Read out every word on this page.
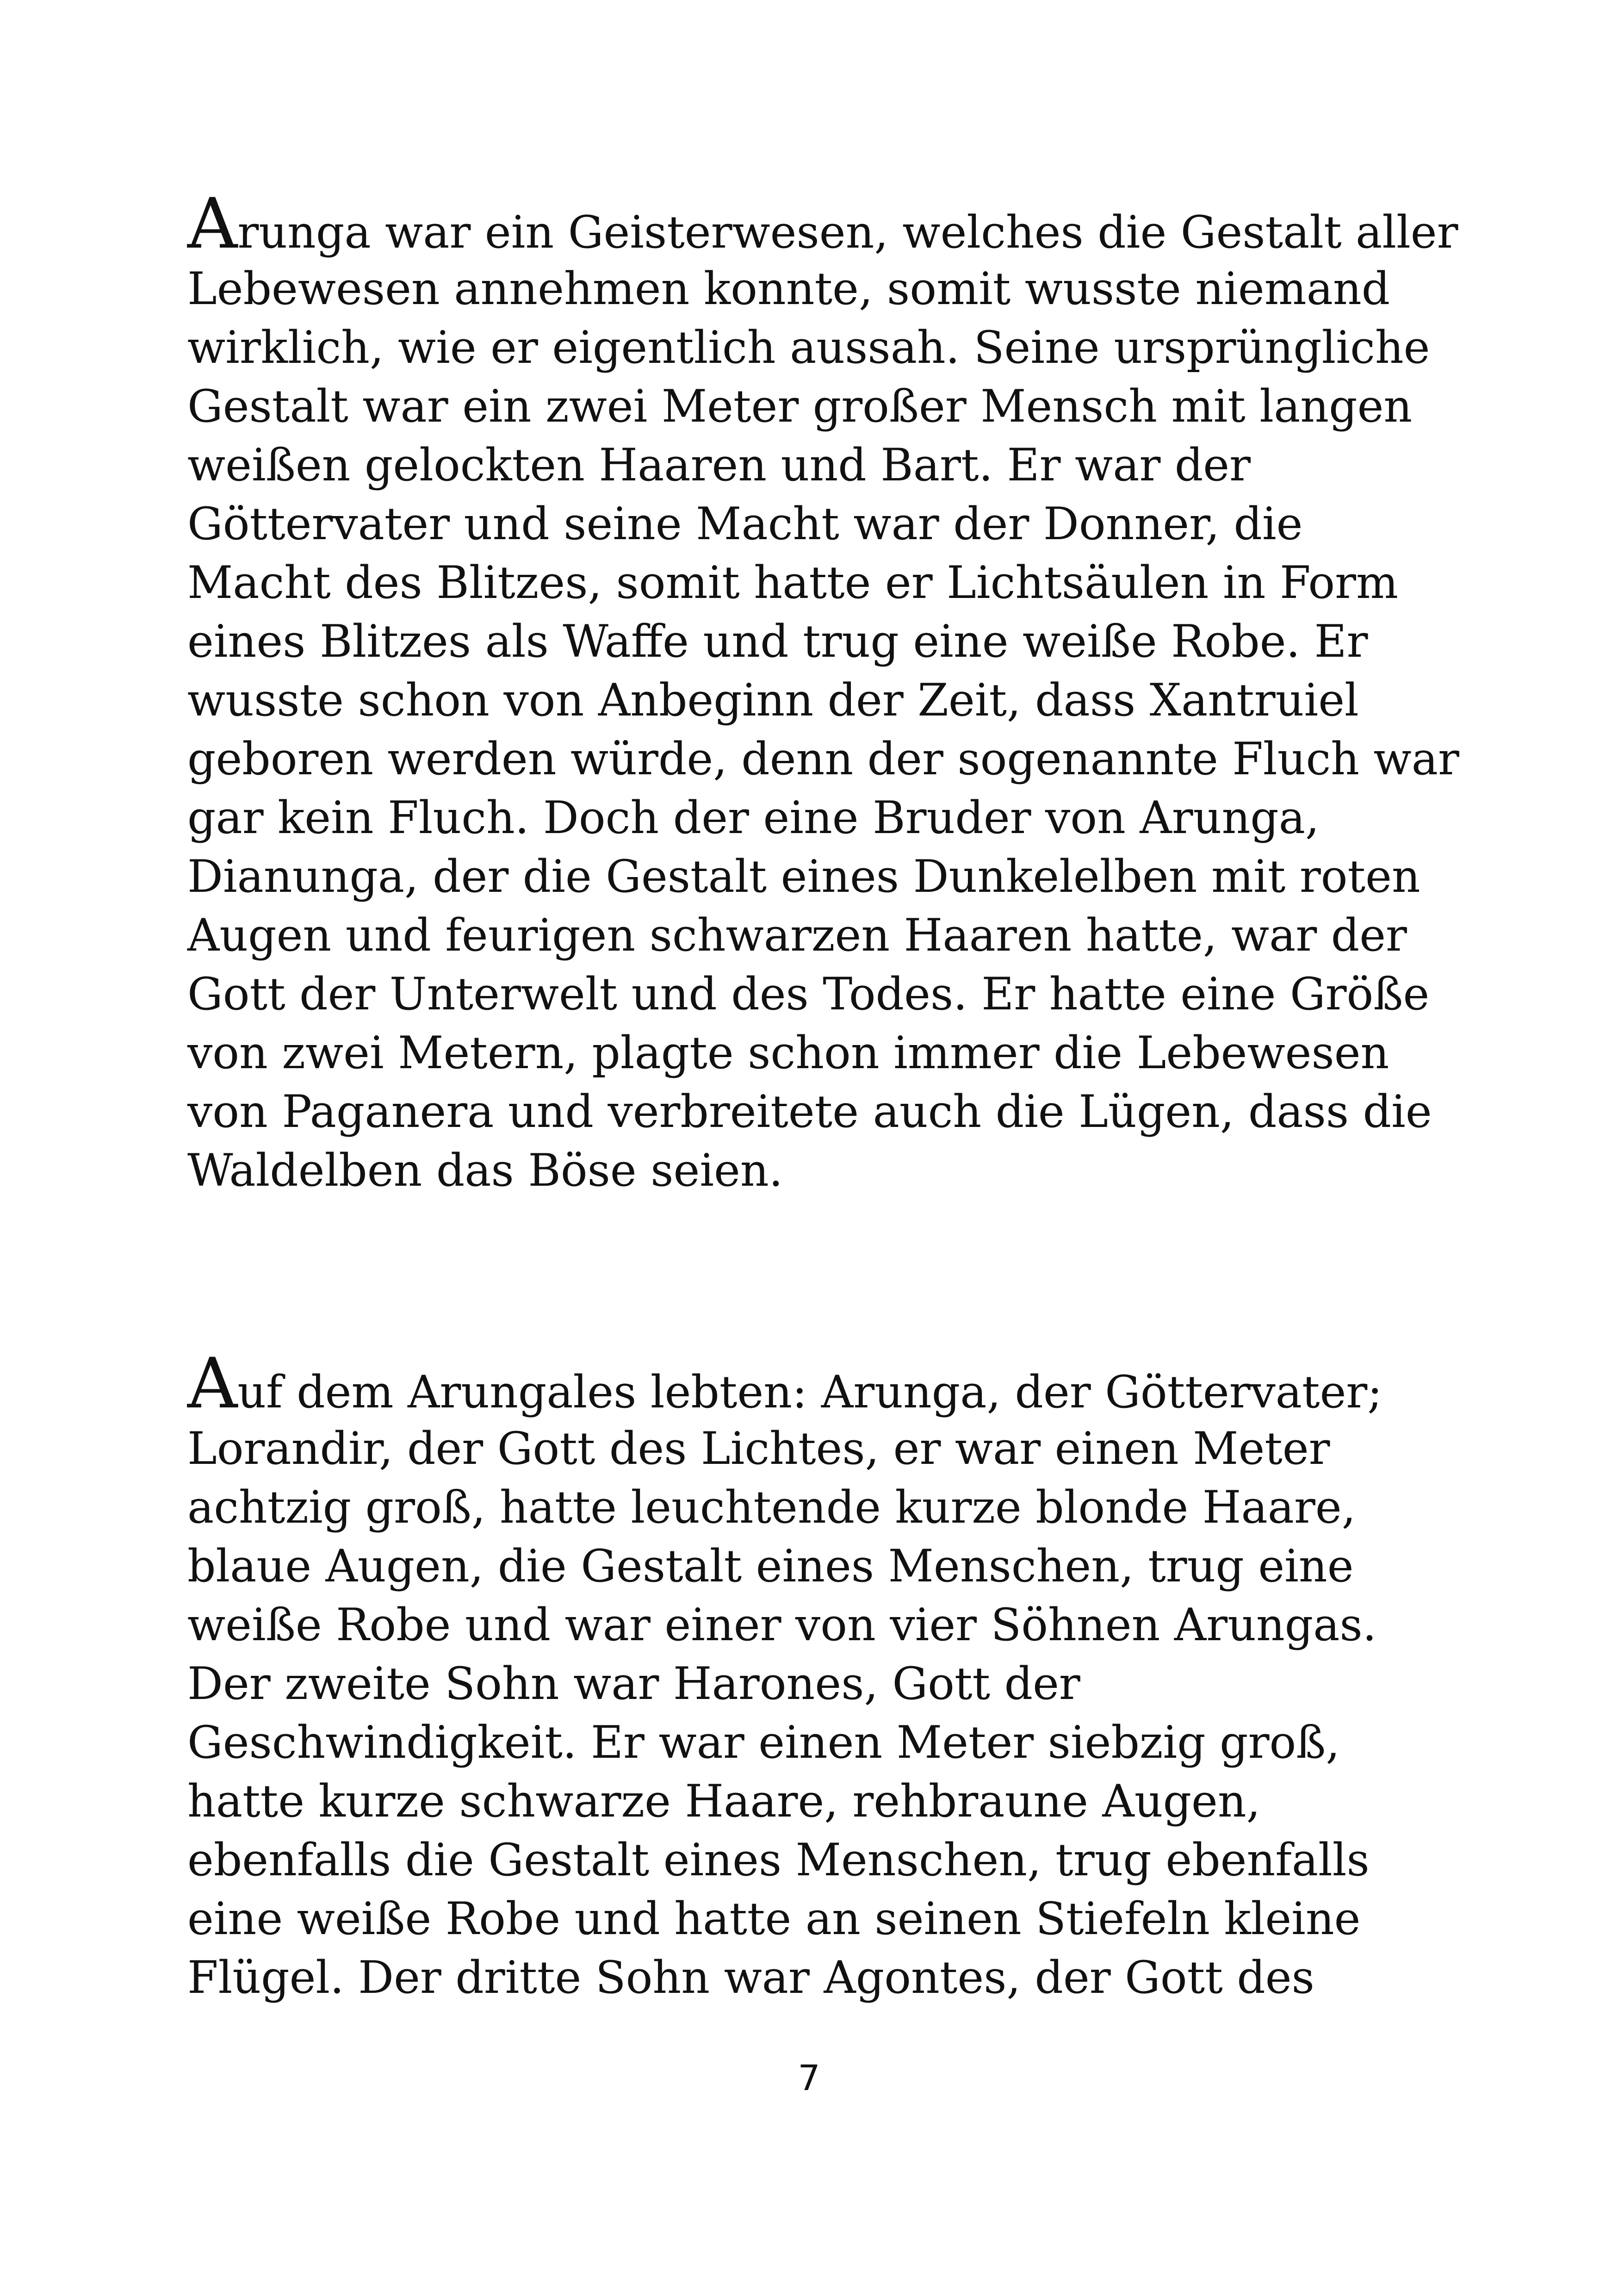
Arunga war ein Geisterwesen, welches die Gestalt aller
Lebewesen annehmen konnte, somit wusste niemand
wirklich, wie er eigentlich aussah. Seine ursprüngliche
Gestalt war ein zwei Meter großer Mensch mit langen
weißen gelockten Haaren und Bart. Er war der
Göttervater und seine Macht war der Donner, die
Macht des Blitzes, somit hatte er Lichtsäulen in Form
eines Blitzes als Waffe und trug eine weiße Robe. Er
wusste schon von Anbeginn der Zeit, dass Xantruiel
geboren werden würde, denn der sogenannte Fluch war
gar kein Fluch. Doch der eine Bruder von Arunga,
Dianunga, der die Gestalt eines Dunkelelben mit roten
Augen und feurigen schwarzen Haaren hatte, war der
Gott der Unterwelt und des Todes. Er hatte eine Größe
von zwei Metern, plagte schon immer die Lebewesen
von Paganera und verbreitete auch die Lügen, dass die
Waldelben das Böse seien.

Auf dem Arungales lebten: Arunga, der Göttervater;
Lorandir, der Gott des Lichtes, er war einen Meter
achtzig groß, hatte leuchtende kurze blonde Haare,
blaue Augen, die Gestalt eines Menschen, trug eine
weiße Robe und war einer von vier Söhnen Arungas.
Der zweite Sohn war Harones, Gott der
Geschwindigkeit. Er war einen Meter siebzig groß,
hatte kurze schwarze Haare, rehbraune Augen,
ebenfalls die Gestalt eines Menschen, trug ebenfalls
eine weiße Robe und hatte an seinen Stiefeln kleine
Flügel. Der dritte Sohn war Agontes, der Gott des

7
